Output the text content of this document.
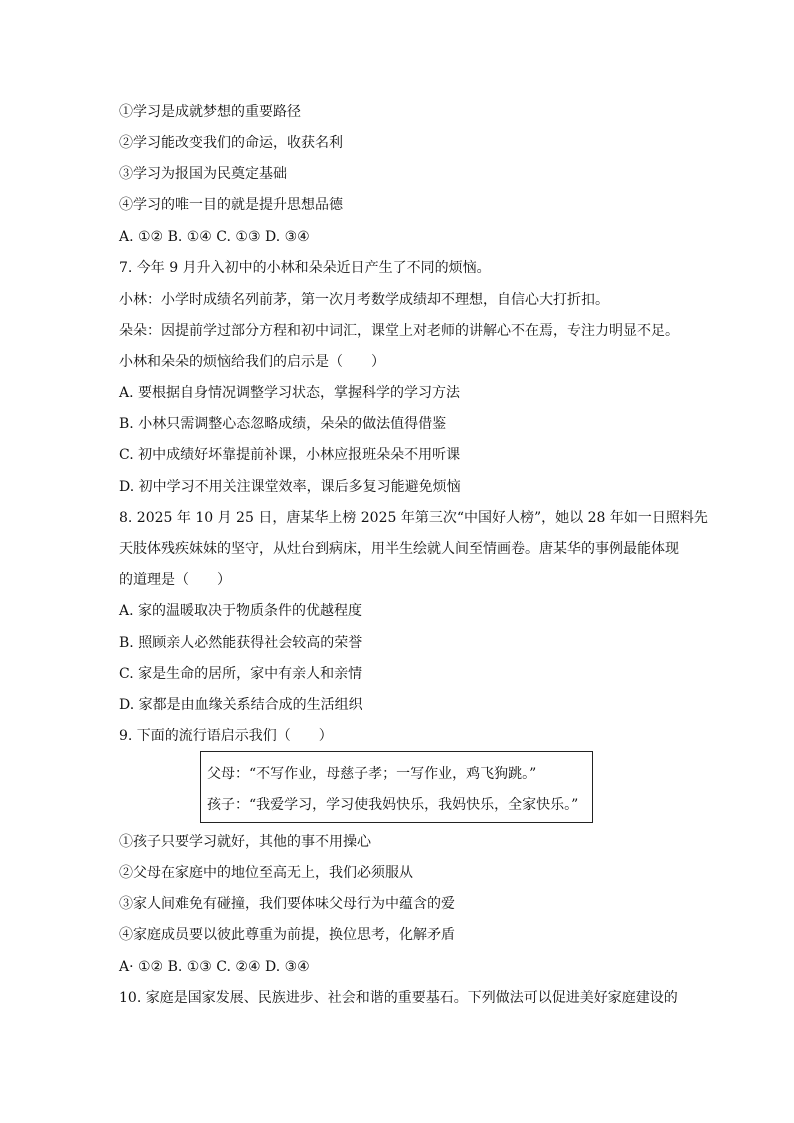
①学习是成就梦想的重要路径
②学习能改变我们的命运，收获名利
③学习为报国为民奠定基础
④学习的唯一目的就是提升思想品德
A. ①② B. ①④ C. ①③ D. ③④
7. 今年 9 月升入初中的小林和朵朵近日产生了不同的烦恼。
小林：小学时成绩名列前茅，第一次月考数学成绩却不理想，自信心大打折扣。
朵朵：因提前学过部分方程和初中词汇，课堂上对老师的讲解心不在焉，专注力明显不足。
小林和朵朵的烦恼给我们的启示是（　　）
A. 要根据自身情况调整学习状态，掌握科学的学习方法
B. 小林只需调整心态忽略成绩，朵朵的做法值得借鉴
C. 初中成绩好坏靠提前补课，小林应报班朵朵不用听课
D. 初中学习不用关注课堂效率，课后多复习能避免烦恼
8. 2025 年 10 月 25 日，唐某华上榜 2025 年第三次“中国好人榜”，她以 28 年如一日照料先
天肢体残疾妹妹的坚守，从灶台到病床，用半生绘就人间至情画卷。唐某华的事例最能体现
的道理是（　　）
A. 家的温暖取决于物质条件的优越程度
B. 照顾亲人必然能获得社会较高的荣誉
C. 家是生命的居所，家中有亲人和亲情
D. 家都是由血缘关系结合成的生活组织
9. 下面的流行语启示我们（　　）
父母：“不写作业，母慈子孝；一写作业，鸡飞狗跳。”
孩子：“我爱学习，学习使我妈快乐，我妈快乐，全家快乐。”
①孩子只要学习就好，其他的事不用操心
②父母在家庭中的地位至高无上，我们必须服从
③家人间难免有碰撞，我们要体味父母行为中蕴含的爱
④家庭成员要以彼此尊重为前提，换位思考，化解矛盾
A· ①② B. ①③ C. ②④ D. ③④
10. 家庭是国家发展、民族进步、社会和谐的重要基石。下列做法可以促进美好家庭建设的
